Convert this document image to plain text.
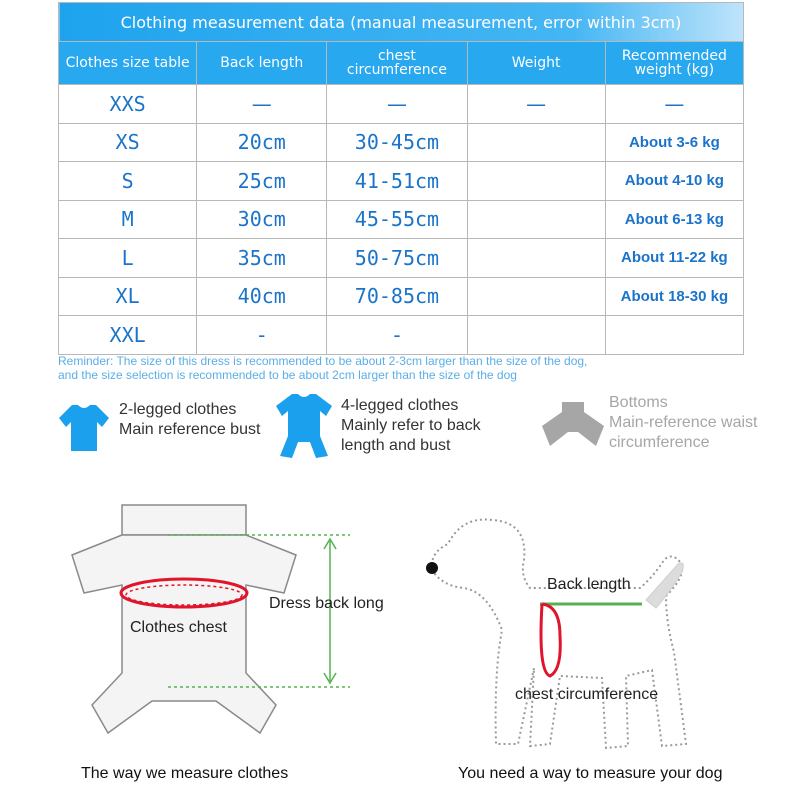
Clothing measurement data (manual measurement, error within 3cm)				
Clothes size table	Back length	chest circumference	Weight	Recommended weight (kg)
XXS	—	—	—	—
XS	20cm	30-45cm		About 3-6 kg
S	25cm	41-51cm		About 4-10 kg
M	30cm	45-55cm		About 6-13 kg
L	35cm	50-75cm		About 11-22 kg
XL	40cm	70-85cm		About 18-30 kg
XXL	-	-		
Reminder: The size of this dress is recommended to be about 2-3cm larger than the size of the dog,
and the size selection is recommended to be about 2cm larger than the size of the dog
2-legged clothes
Main reference bust
4-legged clothes
Mainly refer to back
length and bust
Bottoms
Main-reference waist
circumference
Dress back long
Clothes chest
The way we measure clothes
Back length
chest circumference
You need a way to measure your dog
